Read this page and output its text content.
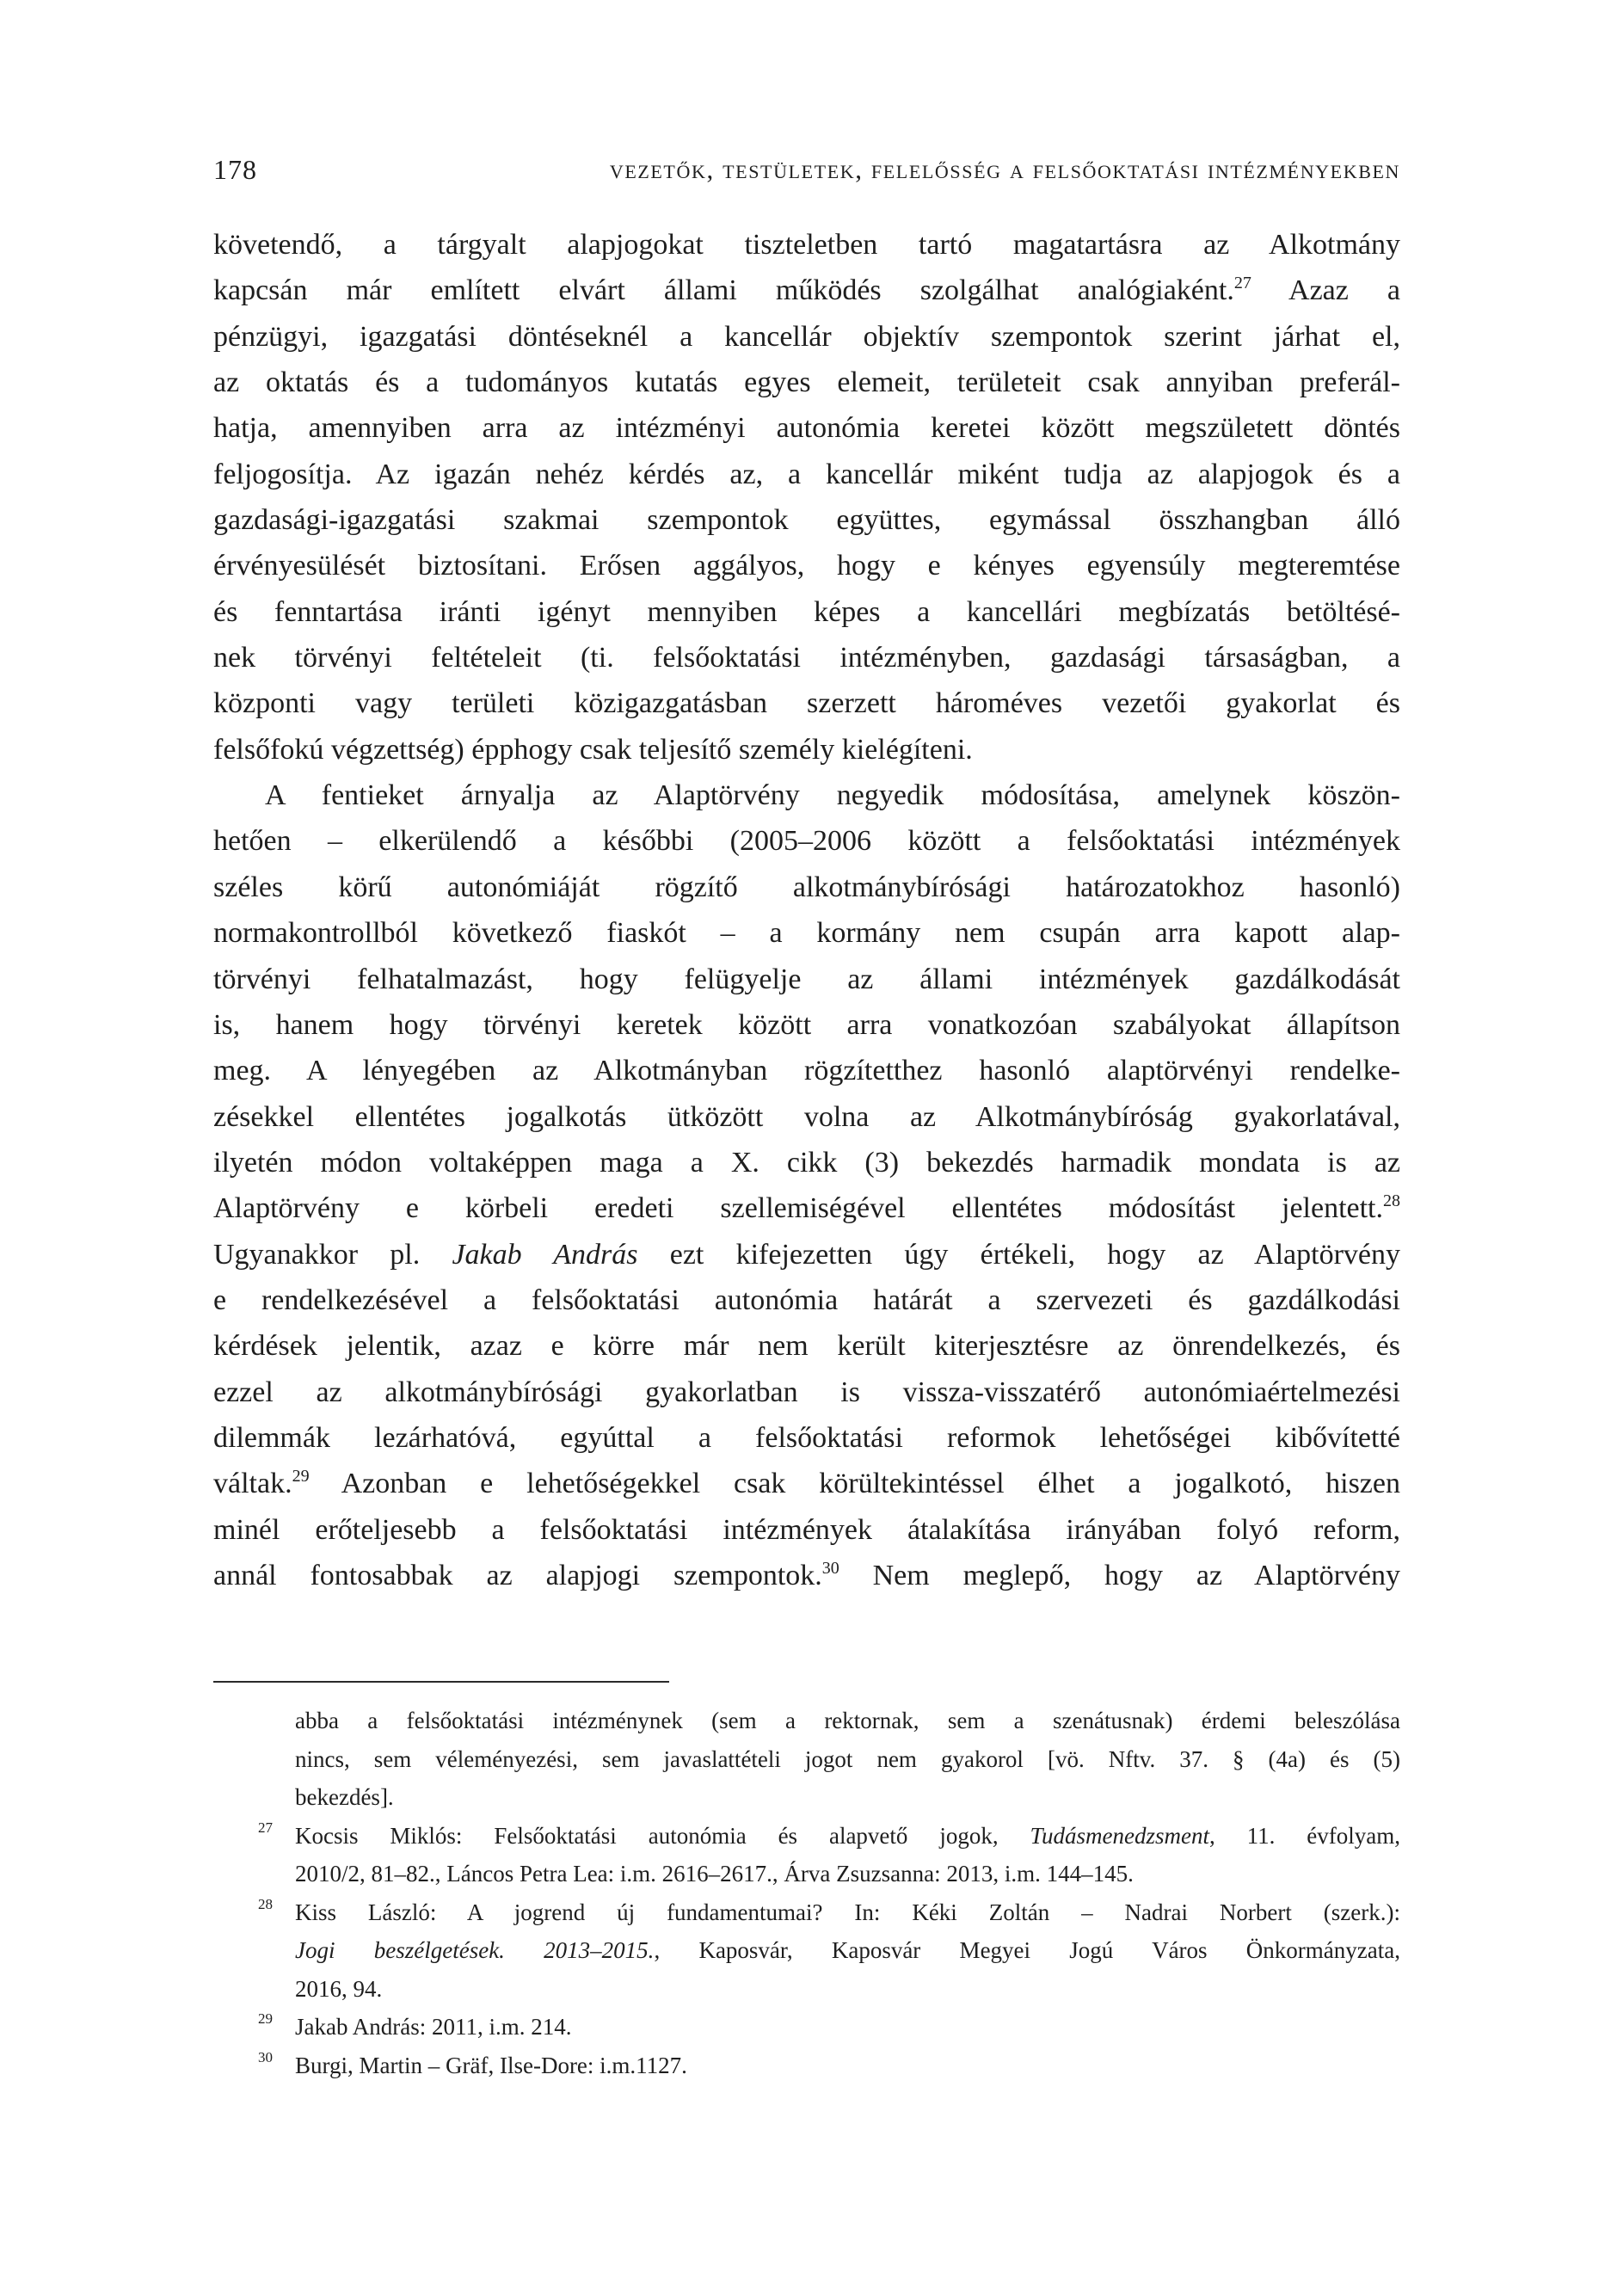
178	vezetők, testületek, felelősség a felsőoktatási intézményekben
követendő, a tárgyalt alapjogokat tiszteletben tartó magatartásra az Alkotmány
kapcsán már említett elvárt állami működés szolgálhat analógiaként.$^{27}$ Azaz a
pénzügyi, igazgatási döntéseknél a kancellár objektív szempontok szerint járhat el,
az oktatás és a tudományos kutatás egyes elemeit, területeit csak annyiban preferál-
hatja, amennyiben arra az intézményi autonómia keretei között megszületett döntés
feljogosítja. Az igazán nehéz kérdés az, a kancellár miként tudja az alapjogok és a
gazdasági-igazgatási szakmai szempontok együttes, egymással összhangban álló
érvényesülését biztosítani. Erősen aggályos, hogy e kényes egyensúly megteremtése
és fenntartása iránti igényt mennyiben képes a kancellári megbízatás betöltésé-
nek törvényi feltételeit (ti. felsőoktatási intézményben, gazdasági társaságban, a
központi vagy területi közigazgatásban szerzett hároméves vezetői gyakorlat és
felsőfokú végzettség) épphogy csak teljesítő személy kielégíteni.
A fentieket árnyalja az Alaptörvény negyedik módosítása, amelynek köszön-
hetően – elkerülendő a későbbi (2005–2006 között a felsőoktatási intézmények
széles körű autonómiáját rögzítő alkotmánybírósági határozatokhoz hasonló)
normakontrollból következő fiaskót – a kormány nem csupán arra kapott alap-
törvényi felhatalmazást, hogy felügyelje az állami intézmények gazdálkodását
is, hanem hogy törvényi keretek között arra vonatkozóan szabályokat állapítson
meg. A lényegében az Alkotmányban rögzítetthez hasonló alaptörvényi rendelke-
zésekkel ellentétes jogalkotás ütközött volna az Alkotmánybíróság gyakorlatával,
ilyetén módon voltaképpen maga a X. cikk (3) bekezdés harmadik mondata is az
Alaptörvény e körbeli eredeti szellemiségével ellentétes módosítást jelentett.$^{28}$
Ugyanakkor pl. Jakab András ezt kifejezetten úgy értékeli, hogy az Alaptörvény
e rendelkezésével a felsőoktatási autonómia határát a szervezeti és gazdálkodási
kérdések jelentik, azaz e körre már nem került kiterjesztésre az önrendelkezés, és
ezzel az alkotmánybírósági gyakorlatban is vissza-visszatérő autonómiaértelmezési
dilemmák lezárhatóvá, egyúttal a felsőoktatási reformok lehetőségei kibővítetté
váltak.$^{29}$ Azonban e lehetőségekkel csak körültekintéssel élhet a jogalkotó, hiszen
minél erőteljesebb a felsőoktatási intézmények átalakítása irányában folyó reform,
annál fontosabbak az alapjogi szempontok.$^{30}$ Nem meglepő, hogy az Alaptörvény
abba a felsőoktatási intézménynek (sem a rektornak, sem a szenátusnak) érdemi beleszólása
nincs, sem véleményezési, sem javaslattételi jogot nem gyakorol [vö. Nftv. 37. § (4a) és (5)
bekezdés].
27 Kocsis Miklós: Felsőoktatási autonómia és alapvető jogok, Tudásmenedzsment, 11. évfolyam,
2010/2, 81–82., Láncos Petra Lea: i.m. 2616–2617., Árva Zsuzsanna: 2013, i.m. 144–145.
28 Kiss László: A jogrend új fundamentumai? In: Kéki Zoltán – Nadrai Norbert (szerk.):
Jogi beszélgetések. 2013–2015., Kaposvár, Kaposvár Megyei Jogú Város Önkormányzata,
2016, 94.
29 Jakab András: 2011, i.m. 214.
30 Burgi, Martin – Gräf, Ilse-Dore: i.m.1127.
